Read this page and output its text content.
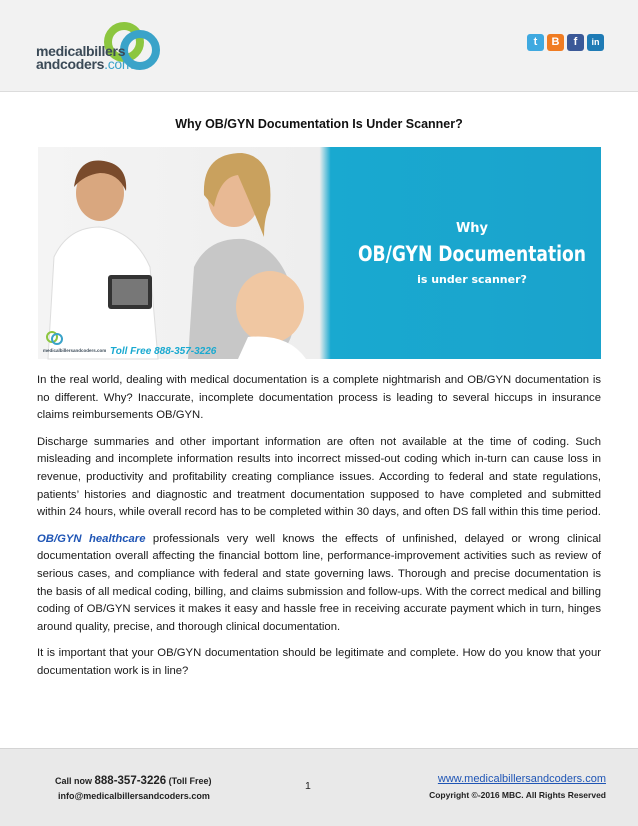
medicalbillers
andcoders.com
t	B	f	in
Why OB/GYN Documentation Is Under Scanner?
medicalbillersandcoders.com Toll Free 888-357-3226
Why
OB/GYN Documentation
is under scanner?

In the real world, dealing with medical documentation is a complete nightmarish and OB/GYN documentation is no different. Why? Inaccurate, incomplete documentation process is leading to several hiccups in insurance claims reimbursements OB/GYN.

Discharge summaries and other important information are often not available at the time of coding. Such misleading and incomplete information results into incorrect missed-out coding which in-turn can cause loss in revenue, productivity and profitability creating compliance issues. According to federal and state regulations, patients’ histories and diagnostic and treatment documentation supposed to have completed and submitted within 24 hours, while overall record has to be completed within 30 days, and often DS fall within this time period.

OB/GYN healthcare professionals very well knows the effects of unfinished, delayed or wrong clinical documentation overall affecting the financial bottom line, performance-improvement activities such as review of serious cases, and compliance with federal and state governing laws. Thorough and precise documentation is the basis of all medical coding, billing, and claims submission and follow-ups. With the correct medical and billing coding of OB/GYN services it makes it easy and hassle free in receiving accurate payment which in turn, hinges around quality, precise, and thorough clinical documentation.

It is important that your OB/GYN documentation should be legitimate and complete. How do you know that your documentation work is in line?

Call now 888-357-3226 (Toll Free)
info@medicalbillersandcoders.com
1
www.medicalbillersandcoders.com
Copyright ©-2016 MBC. All Rights Reserved
